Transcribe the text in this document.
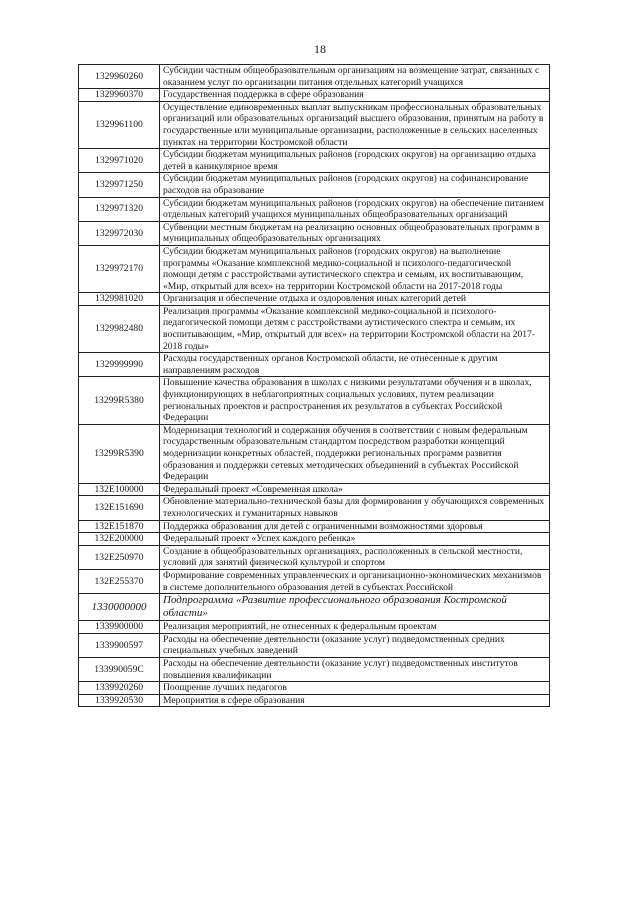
18
1329960260	Субсидии частным общеобразовательным организациям на возмещение затрат, связанных с оказанием услуг по организации питания отдельных категорий учащихся
1329960370	Государственная поддержка в сфере образования
1329961100	Осуществление единовременных выплат выпускникам профессиональных образовательных организаций или образовательных организаций высшего образования, принятым на работу в государственные или муниципальные организации, расположенные в сельских населенных пунктах на территории Костромской области
1329971020	Субсидии бюджетам муниципальных районов (городских округов) на организацию отдыха детей в каникулярное время
1329971250	Субсидии бюджетам муниципальных районов (городских округов) на софинансирование расходов на образование
1329971320	Субсидии бюджетам муниципальных районов (городских округов) на обеспечение питанием отдельных категорий учащихся муниципальных общеобразовательных организаций
1329972030	Субвенции местным бюджетам на реализацию основных общеобразовательных программ в муниципальных общеобразовательных организациях
1329972170	Субсидии бюджетам муниципальных районов (городских округов) на выполнение программы «Оказание комплексной медико-социальной и психолого-педагогической помощи детям с расстройствами аутистического спектра и семьям, их воспитывающим, «Мир, открытый для всех» на территории Костромской области на 2017-2018 годы
1329981020	Организация и обеспечение отдыха и оздоровления иных категорий детей
1329982480	Реализация программы «Оказание комплексной медико-социальной и психолого-педагогической помощи детям с расстройствами аутистического спектра и семьям, их воспитывающим, «Мир, открытый для всех» на территории Костромской области на 2017-2018 годы»
1329999990	Расходы государственных органов Костромской области, не отнесенные к другим направлениям расходов
13299R5380	Повышение качества образования в школах с низкими результатами обучения и в школах, функционирующих в неблагоприятных социальных условиях, путем реализации региональных проектов и распространения их результатов в субъектах Российской Федерации
13299R5390	Модернизация технологий и содержания обучения в соответствии с новым федеральным государственным образовательным стандартом посредством разработки концепций модернизации конкретных областей, поддержки региональных программ развития образования и поддержки сетевых методических объединений в субъектах Российской Федерации
132E100000	Федеральный проект «Современная школа»
132E151690	Обновление материально-технической базы для формирования у обучающихся современных технологических и гуманитарных навыков
132E151870	Поддержка образования для детей с ограниченными возможностями здоровья
132E200000	Федеральный проект «Успех каждого ребенка»
132E250970	Создание в общеобразовательных организациях, расположенных в сельской местности, условий для занятий физической культурой и спортом
132E255370	Формирование современных управленческих и организационно-экономических механизмов в системе дополнительного образования детей в субъектах Российской
1330000000	Подпрограмма «Развитие профессионального образования Костромской области»
1339900000	Реализация мероприятий, не отнесенных к федеральным проектам
1339900597	Расходы на обеспечение деятельности (оказание услуг) подведомственных средних специальных учебных заведений
133990059С	Расходы на обеспечение деятельности (оказание услуг) подведомственных институтов повышения квалификации
1339920260	Поощрение лучших педагогов
1339920530	Мероприятия в сфере образования
